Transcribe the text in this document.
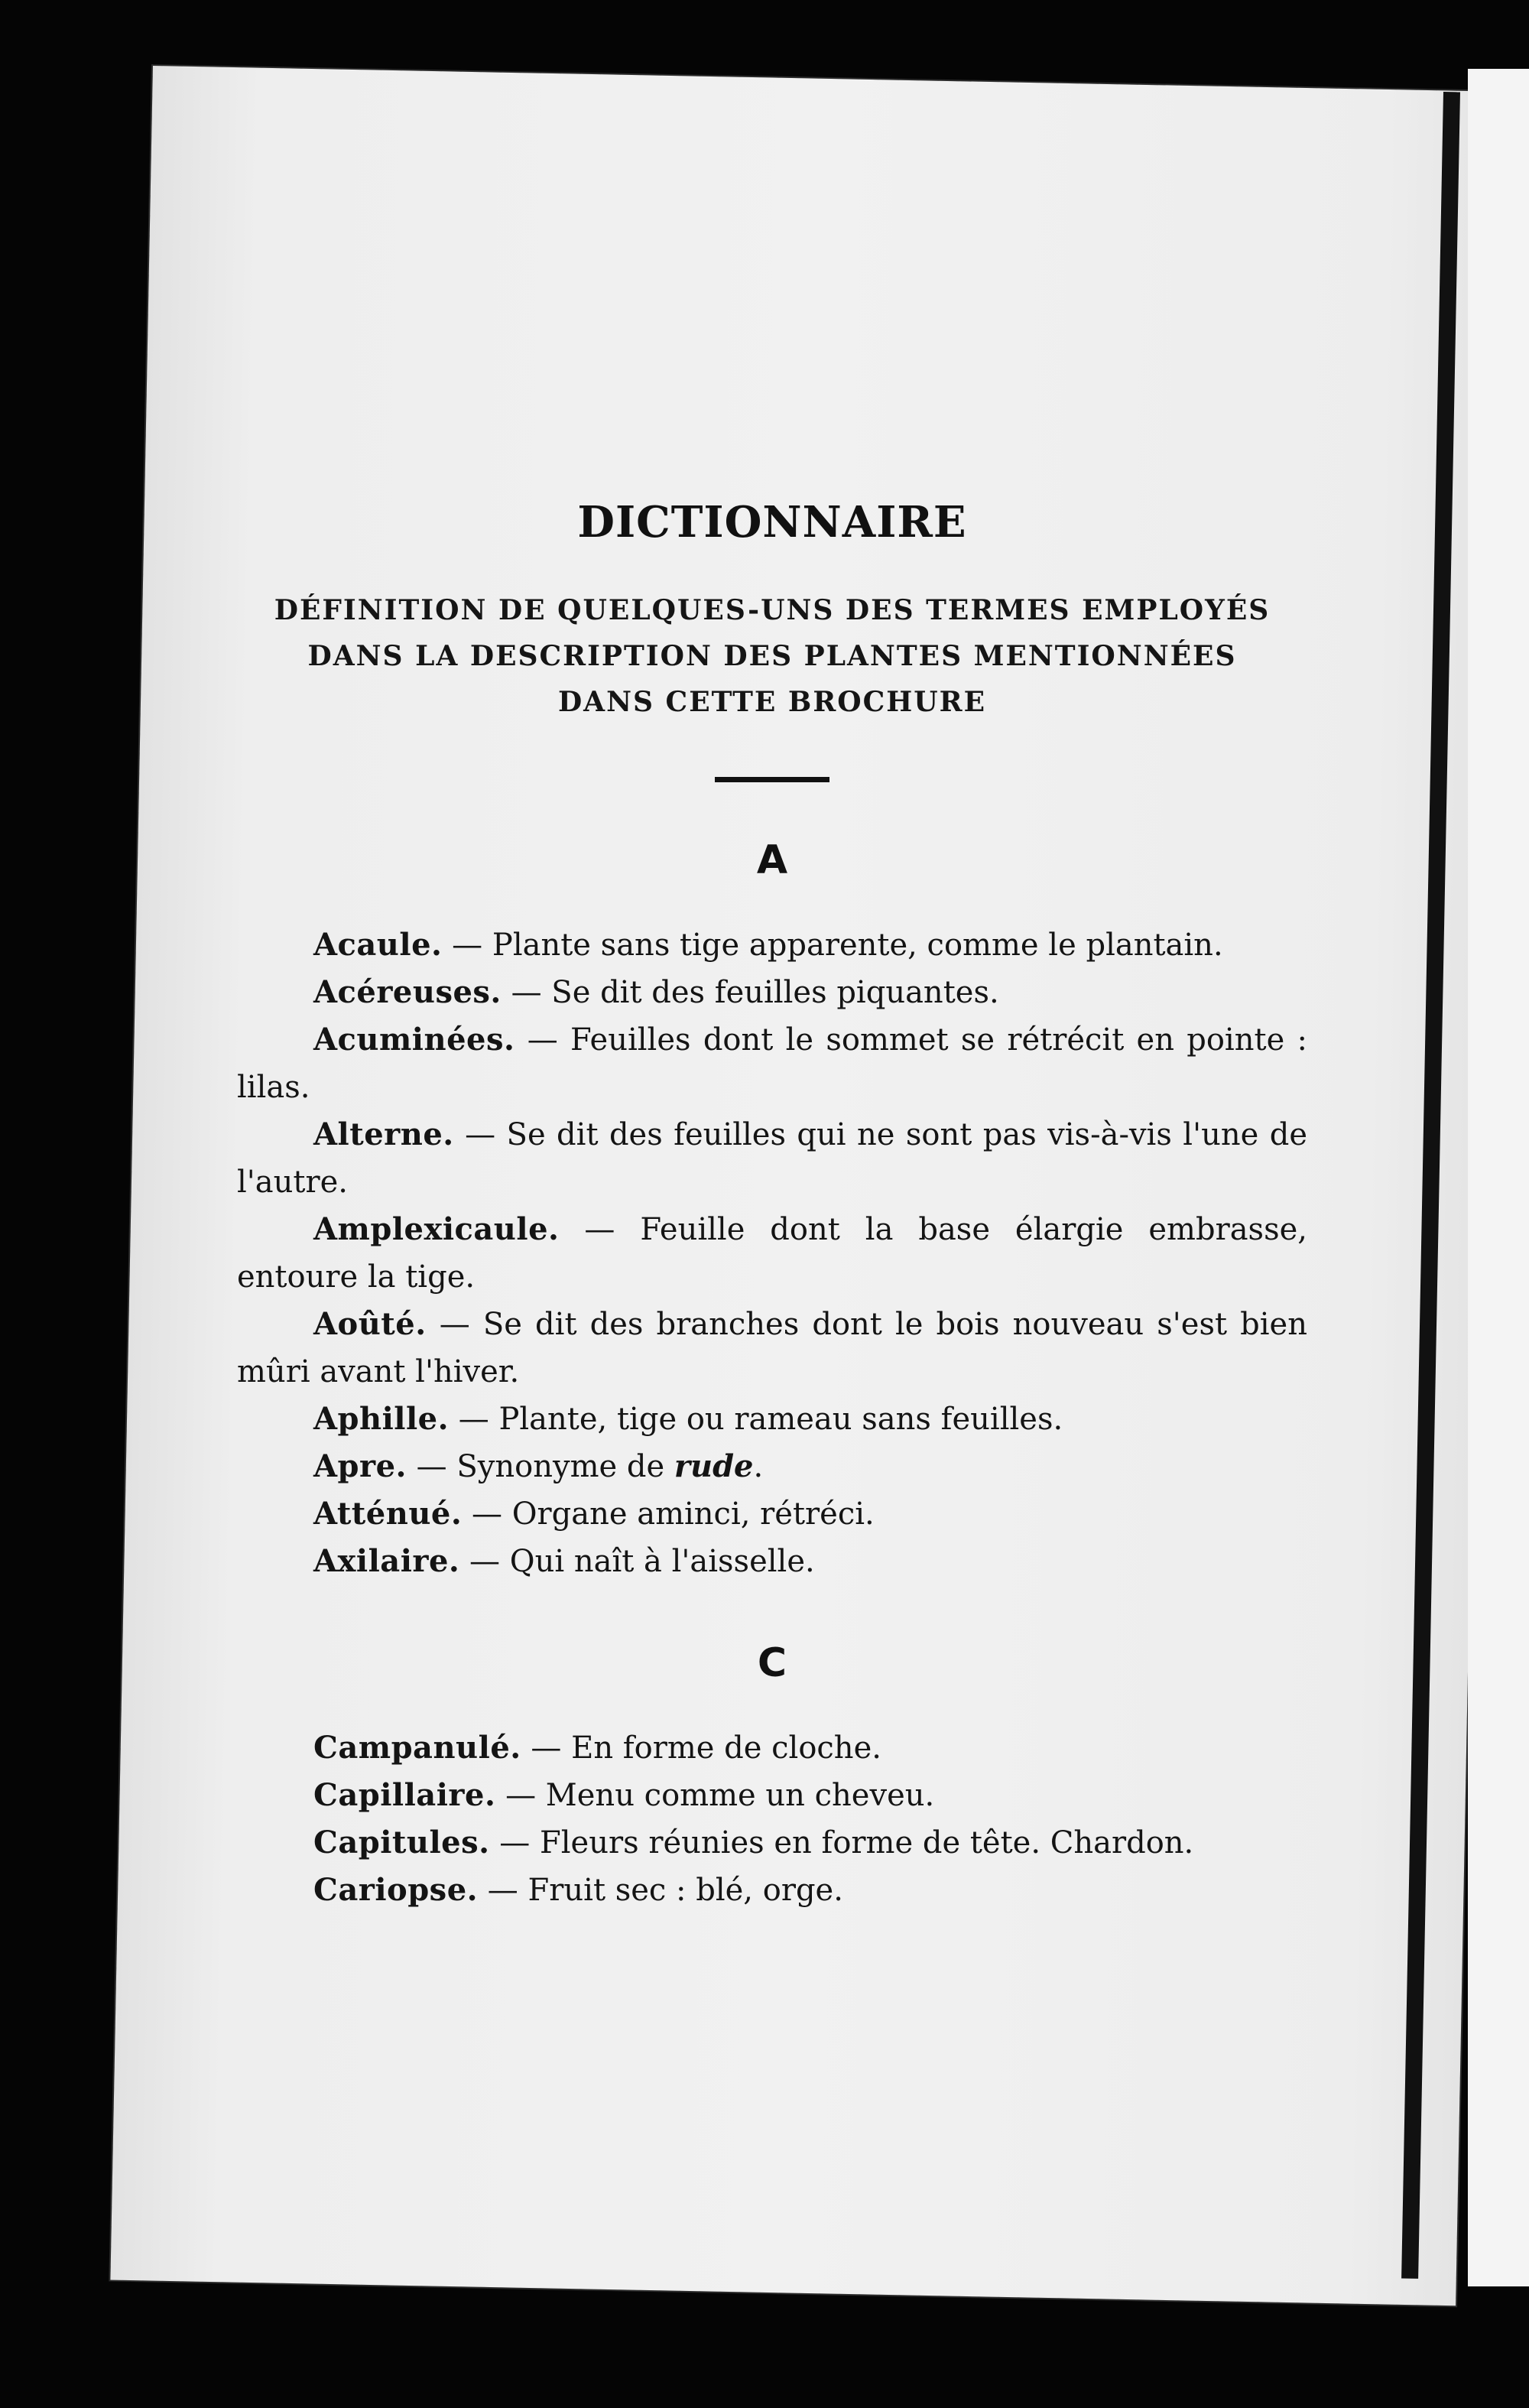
DICTIONNAIRE

DÉFINITION DE QUELQUES-UNS DES TERMES EMPLOYÉS

DANS LA DESCRIPTION DES PLANTES MENTIONNÉES

DANS CETTE BROCHURE

A

Acaule. — Plante sans tige apparente, comme le plantain.

Acéreuses. — Se dit des feuilles piquantes.

Acuminées. — Feuilles dont le sommet se rétrécit en pointe : lilas.

Alterne. — Se dit des feuilles qui ne sont pas vis-à-vis l'une de l'autre.

Amplexicaule. — Feuille dont la base élargie embrasse, entoure la tige.

Aoûté. — Se dit des branches dont le bois nouveau s'est bien mûri avant l'hiver.

Aphille. — Plante, tige ou rameau sans feuilles.

Apre. — Synonyme de rude.

Atténué. — Organe aminci, rétréci.

Axilaire. — Qui naît à l'aisselle.

C

Campanulé. — En forme de cloche.

Capillaire. — Menu comme un cheveu.

Capitules. — Fleurs réunies en forme de tête. Chardon.

Cariopse. — Fruit sec : blé, orge.
